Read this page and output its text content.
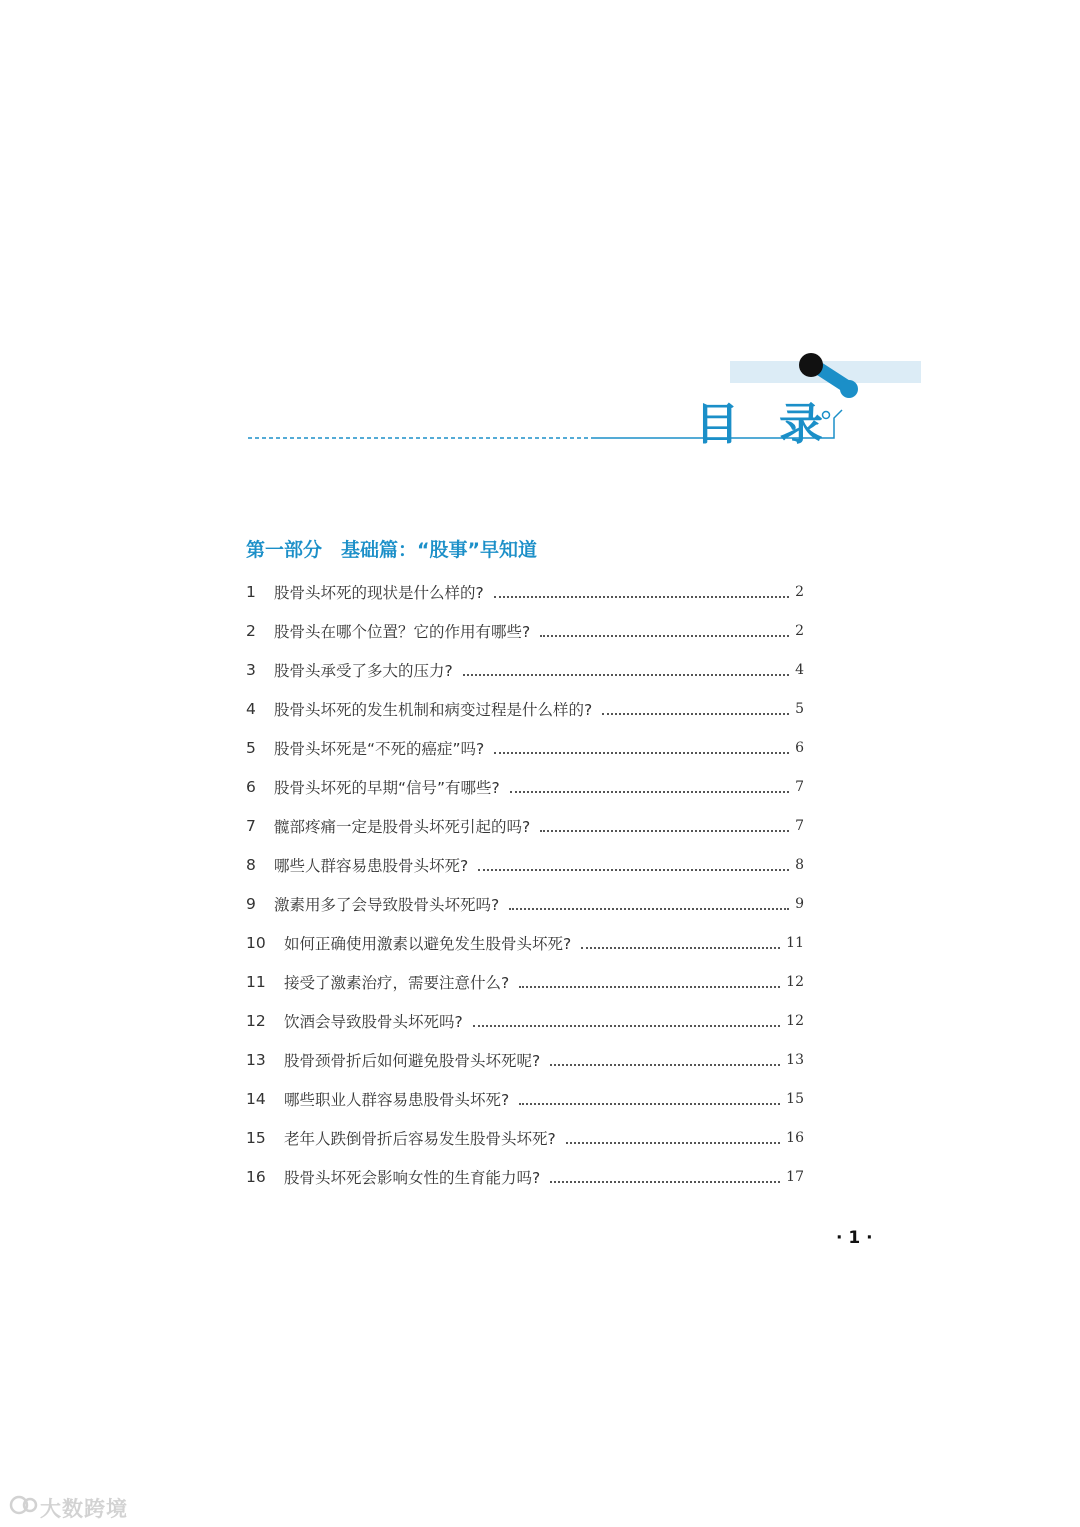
目录
第一部分　基础篇：“股事”早知道
1	股骨头坏死的现状是什么样的?	2
2	股骨头在哪个位置？它的作用有哪些?	2
3	股骨头承受了多大的压力?	4
4	股骨头坏死的发生机制和病变过程是什么样的?	5
5	股骨头坏死是“不死的癌症”吗?	6
6	股骨头坏死的早期“信号”有哪些?	7
7	髋部疼痛一定是股骨头坏死引起的吗?	7
8	哪些人群容易患股骨头坏死?	8
9	激素用多了会导致股骨头坏死吗?	9
10	如何正确使用激素以避免发生股骨头坏死?	11
11	接受了激素治疗，需要注意什么?	12
12	饮酒会导致股骨头坏死吗?	12
13	股骨颈骨折后如何避免股骨头坏死呢?	13
14	哪些职业人群容易患股骨头坏死?	15
15	老年人跌倒骨折后容易发生股骨头坏死?	16
16	股骨头坏死会影响女性的生育能力吗?	17
· 1 ·
大数跨境
